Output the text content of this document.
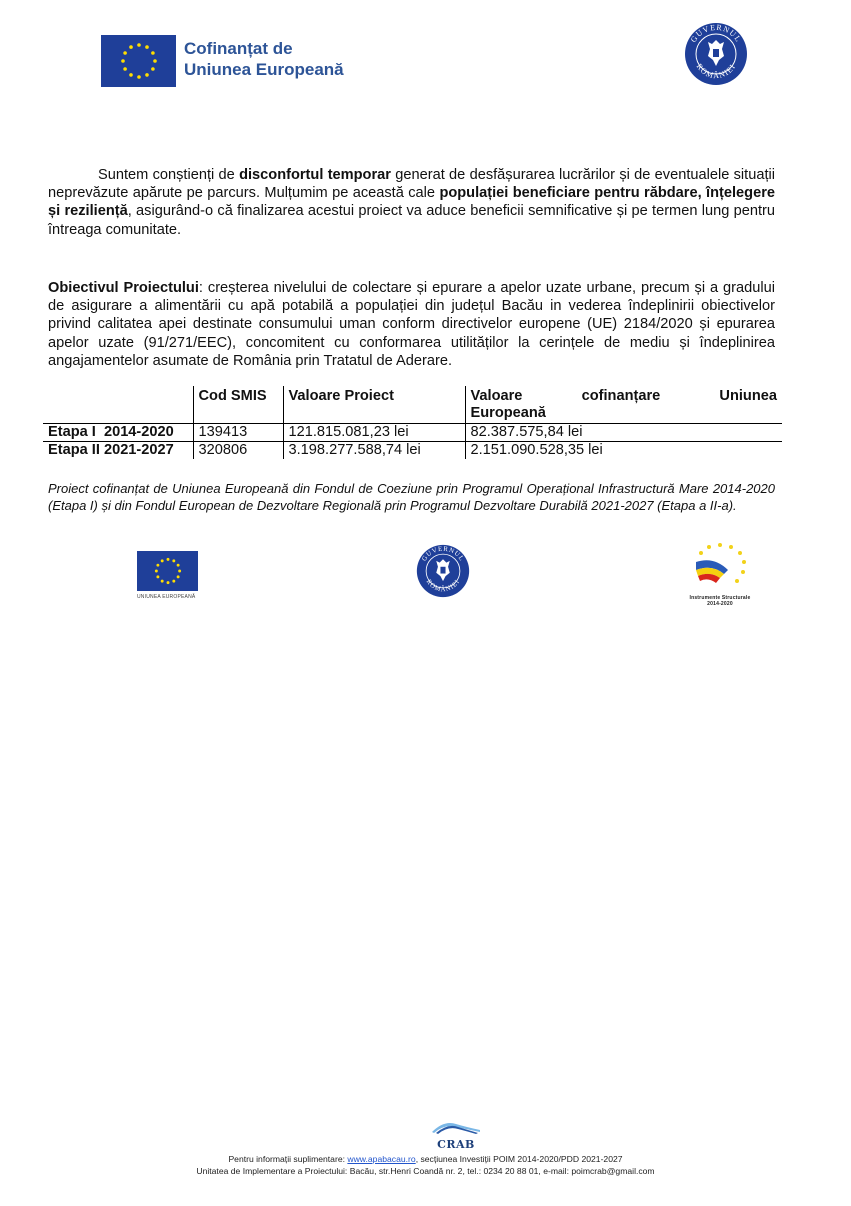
Cofinanțat de
Uniunea Europeană
GUVERNUL
ROMÂNIEI

Suntem conștienți de disconfortul temporar generat de desfășurarea lucrărilor și de eventualele situații neprevăzute apărute pe parcurs. Mulțumim pe această cale populației beneficiare pentru răbdare, înțelegere și reziliență, asigurând-o că finalizarea acestui proiect va aduce beneficii semnificative și pe termen lung pentru întreaga comunitate.

Obiectivul Proiectului: creșterea nivelului de colectare și epurare a apelor uzate urbane, precum și a gradului de asigurare a alimentării cu apă potabilă a populației din județul Bacău in vederea îndeplinirii obiectivelor privind calitatea apei destinate consumului uman conform directivelor europene (UE) 2184/2020 și epurarea apelor uzate (91/271/EEC), concomitent cu conformarea utilităților la cerințele de mediu și îndeplinirea angajamentelor asumate de România prin Tratatul de Aderare.

	Cod SMIS	Valoare Proiect	Valoare cofinanțare Uniunea
Europeană

Etapa I  2014-2020	139413	121.815.081,23 lei	82.387.575,84 lei
Etapa II 2021-2027	320806	3.198.277.588,74 lei	2.151.090.528,35 lei

Proiect cofinanțat de Uniunea Europeană din Fondul de Coeziune prin Programul Operațional Infrastructură Mare 2014-2020 (Etapa I) și din Fondul European de Dezvoltare Regională prin Programul Dezvoltare Durabilă 2021-2027 (Etapa a II-a).

UNIUNEA EUROPEANĂ
GUVERNUL
ROMÂNIEI
Instrumente Structurale
2014-2020
CRAB
Pentru informații suplimentare: www.apabacau.ro, secțiunea Investiții POIM 2014-2020/PDD 2021-2027
Unitatea de Implementare a Proiectului: Bacău, str.Henri Coandă nr. 2, tel.: 0234 20 88 01, e-mail: poimcrab@gmail.com
